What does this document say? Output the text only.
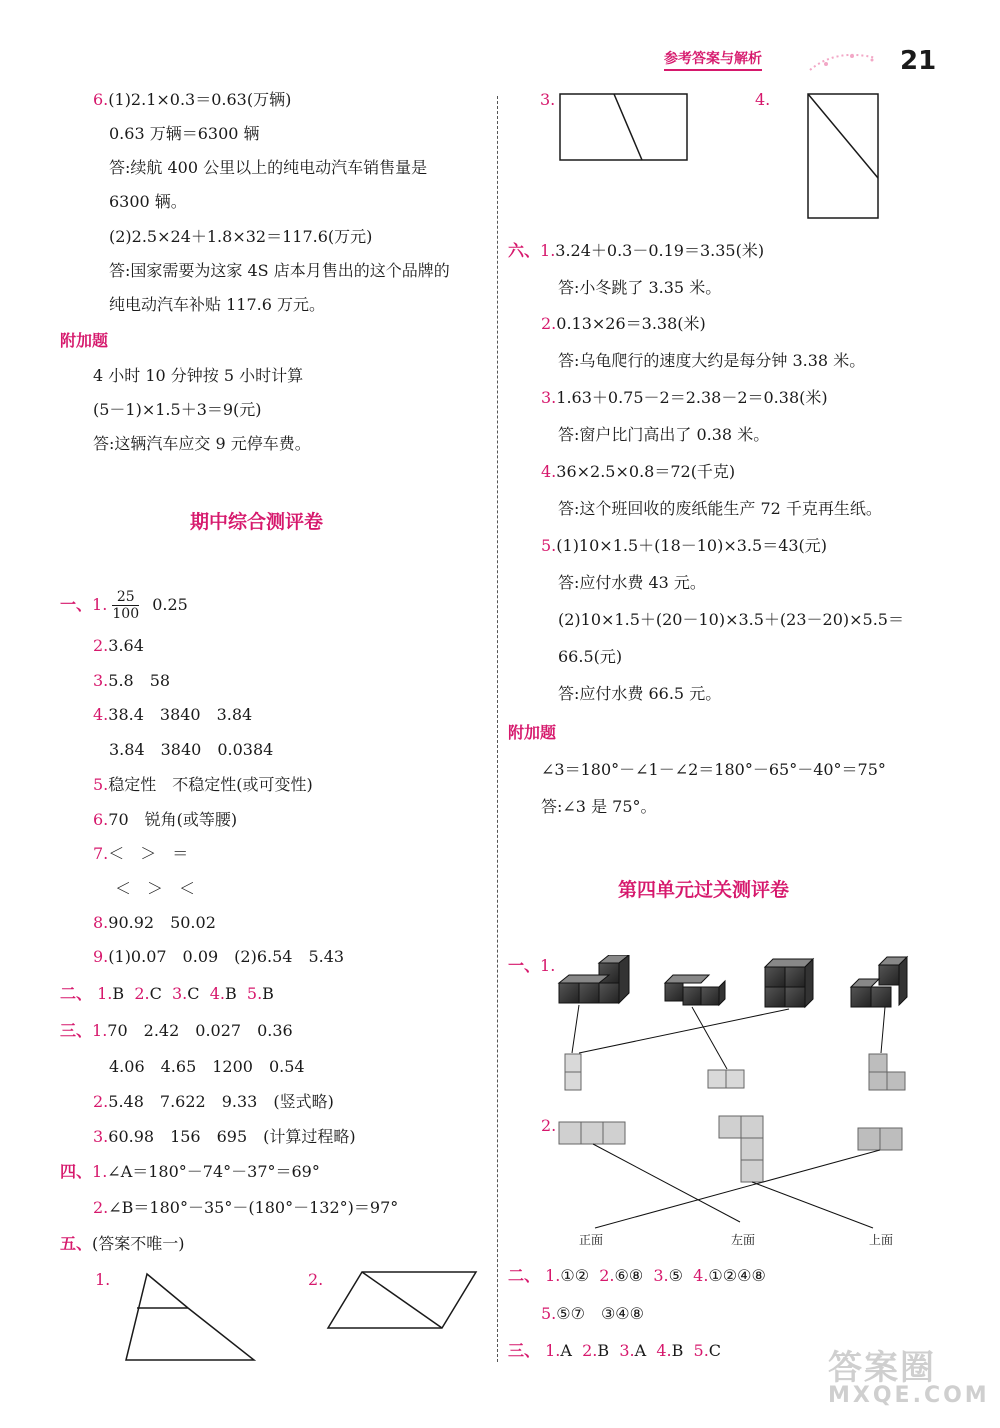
参考答案与解析	21
6.(1)2.1×0.3＝0.63(万辆)
0.63 万辆＝6300 辆
答:续航 400 公里以上的纯电动汽车销售量是
6300 辆。
(2)2.5×24＋1.8×32＝117.6(万元)
答:国家需要为这家 4S 店本月售出的这个品牌的
纯电动汽车补贴 117.6 万元。
附加题
4 小时 10 分钟按 5 小时计算
(5－1)×1.5＋3＝9(元)
答:这辆汽车应交 9 元停车费。
期中综合测评卷
一、1. $\frac{25}{100} 0.25$
2.3.64
3.5.8　58
4.38.4　3840　3.84
3.84　3840　0.0384
5.稳定性　不稳定性(或可变性)
6.70　锐角(或等腰)
7.＜　＞　＝
＜　＞　＜
8.90.92　50.02
9.(1)0.07　0.09　(2)6.54　5.43
二、 1.B 2.C 3.C 4.B 5.B
三、1.70　2.42　0.027　0.36
4.06　4.65　1200　0.54
2.5.48　7.622　9.33　(竖式略)
3.60.98　156　695　(计算过程略)
四、1.∠A＝180°－74°－37°＝69°
2.∠B＝180°－35°－(180°－132°)＝97°
五、(答案不唯一)
1.	2.
3.	4.
六、1.3.24＋0.3－0.19＝3.35(米)
答:小冬跳了 3.35 米。
2.0.13×26＝3.38(米)
答:乌龟爬行的速度大约是每分钟 3.38 米。
3.1.63＋0.75－2＝2.38－2＝0.38(米)
答:窗户比门高出了 0.38 米。
4.36×2.5×0.8＝72(千克)
答:这个班回收的废纸能生产 72 千克再生纸。
5.(1)10×1.5＋(18－10)×3.5＝43(元)
答:应付水费 43 元。
(2)10×1.5＋(20－10)×3.5＋(23－20)×5.5＝
66.5(元)
答:应付水费 66.5 元。
附加题
∠3＝180°－∠1－∠2＝180°－65°－40°＝75°
答:∠3 是 75°。
第四单元过关测评卷
一、1.
2.
正面	左面	上面
二、 1.①② 2.⑥⑧ 3.⑤ 4.①②④⑧
5.⑤⑦　③④⑧
三、 1.A 2.B 3.A 4.B 5.C	答案圈
MXQE.COM
